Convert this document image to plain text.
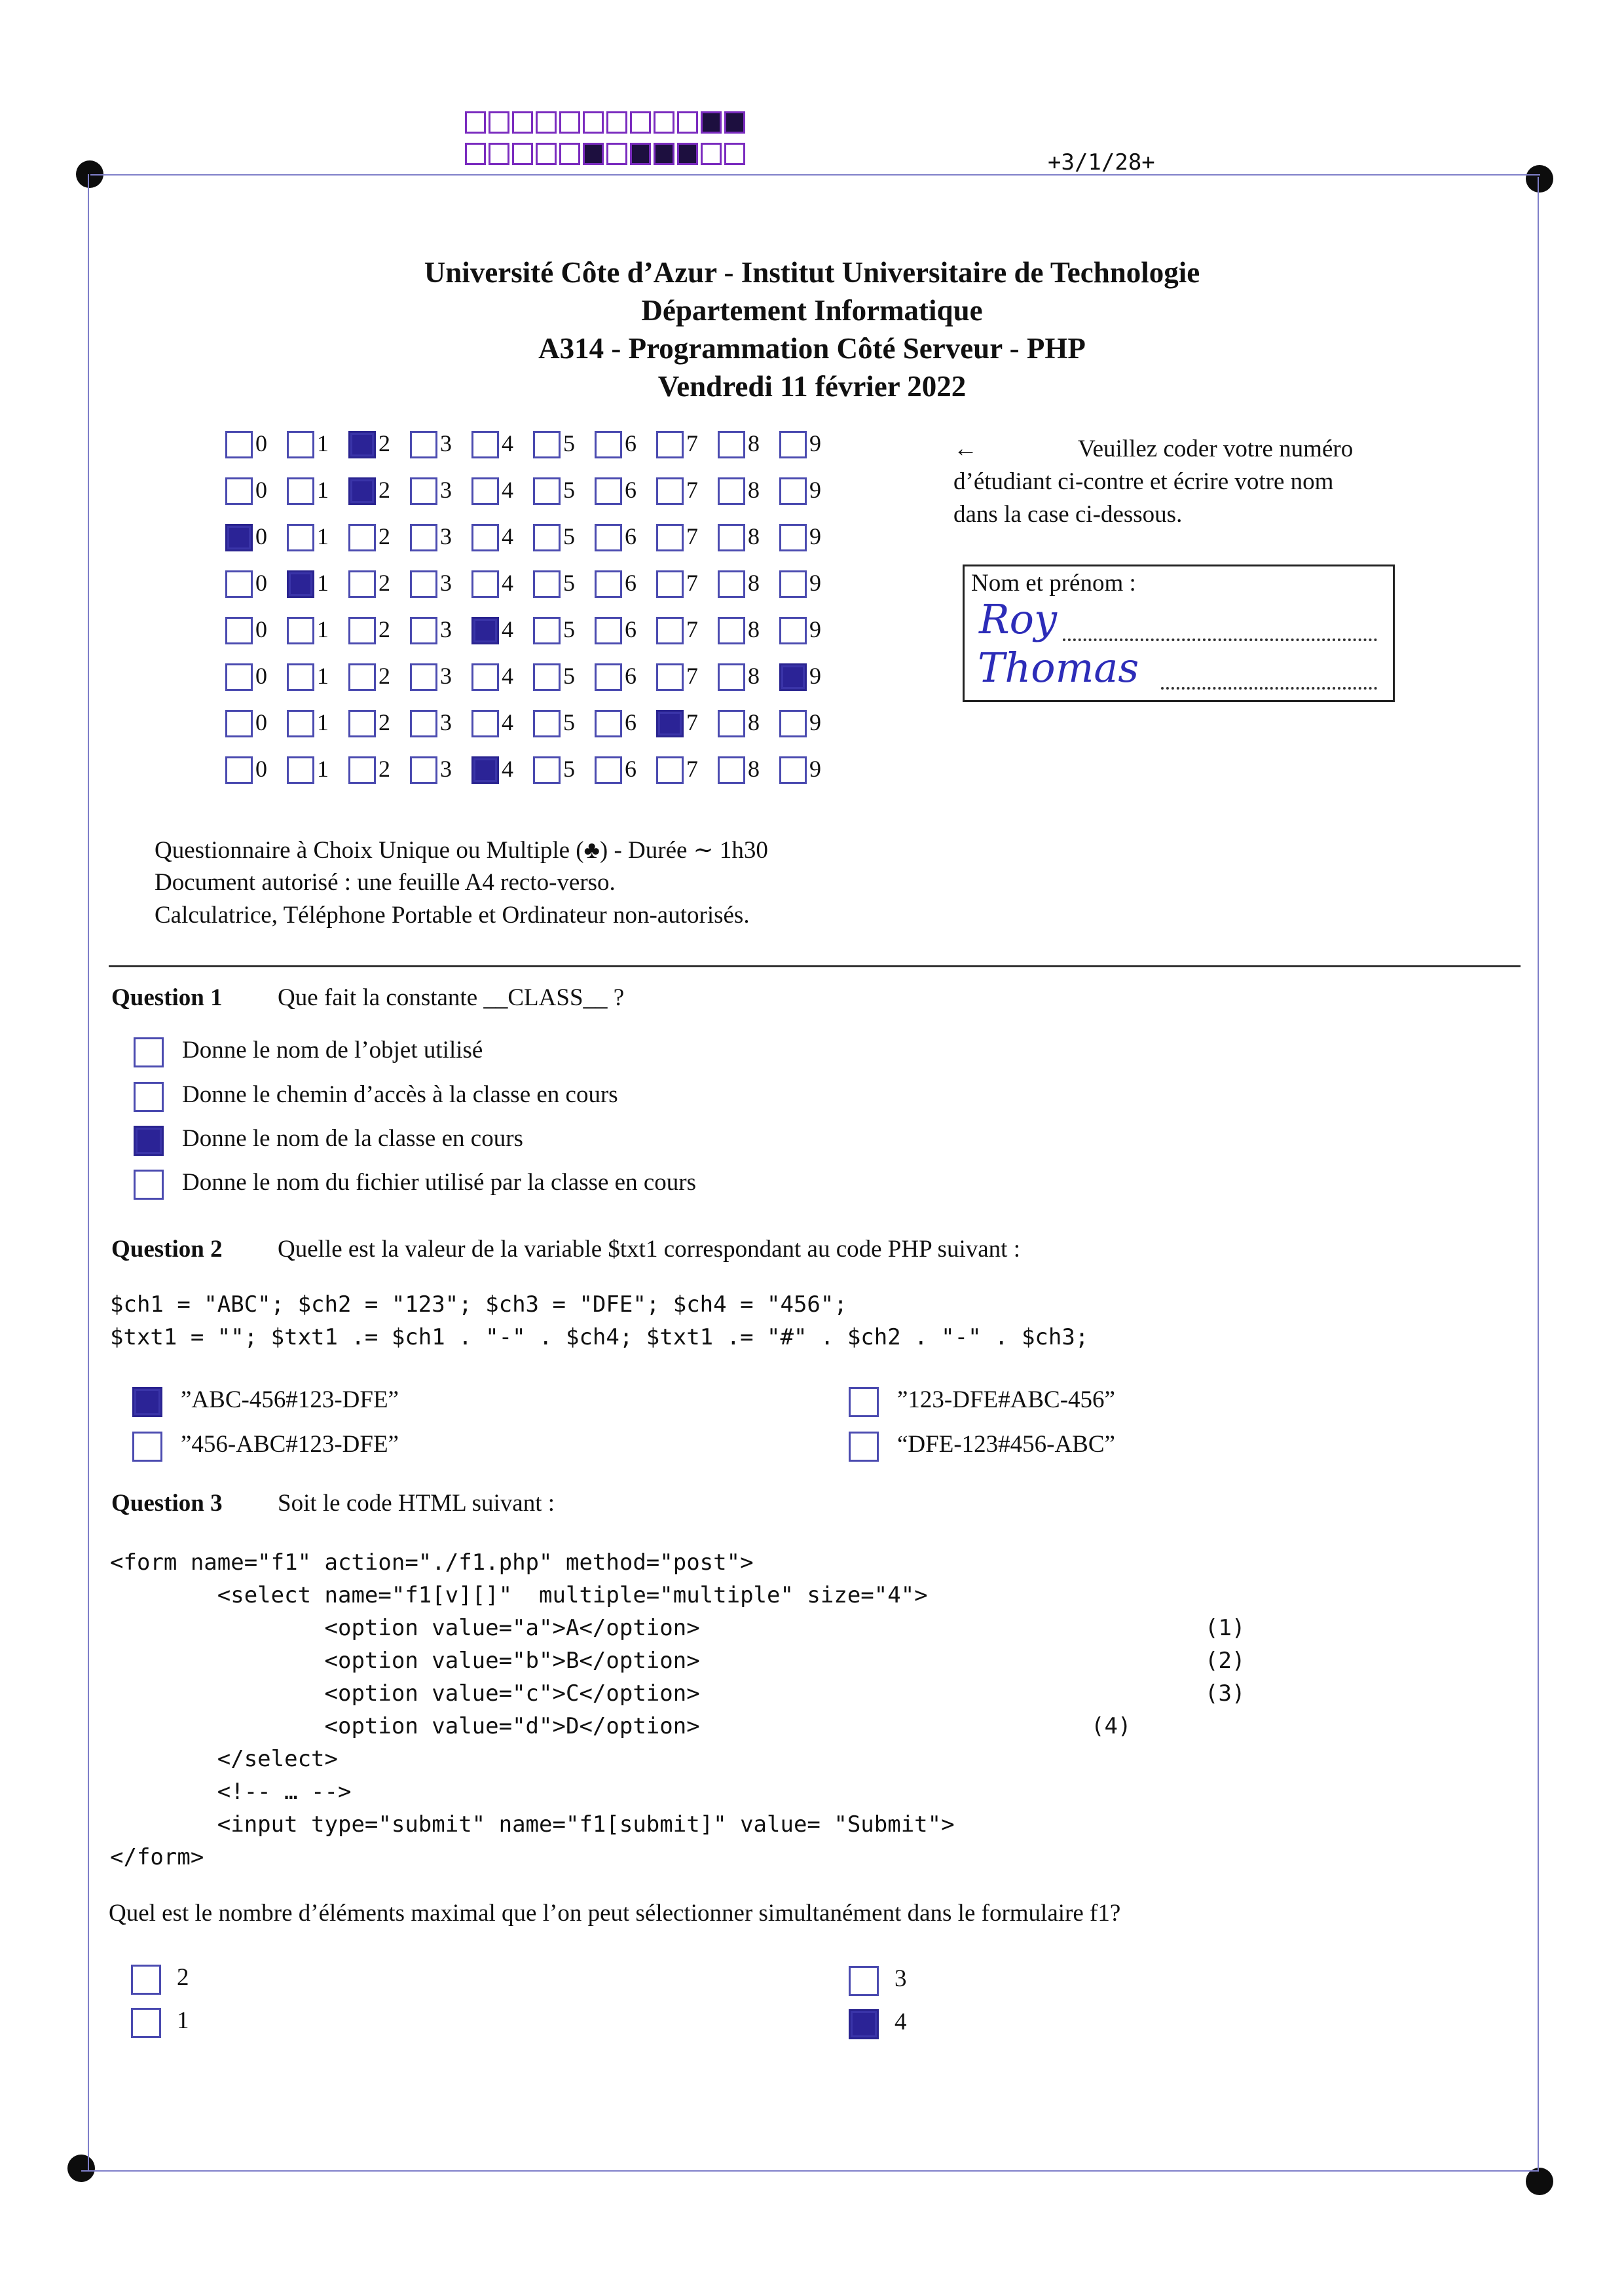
+3/1/28+
Université Côte d’Azur - Institut Universitaire de Technologie
Département Informatique
A314 - Programmation Côté Serveur - PHP
Vendredi 11 février 2022
0 1 2 3 4 5 6 7 8 9
0 1 2 3 4 5 6 7 8 9
0 1 2 3 4 5 6 7 8 9
0 1 2 3 4 5 6 7 8 9
0 1 2 3 4 5 6 7 8 9
0 1 2 3 4 5 6 7 8 9
0 1 2 3 4 5 6 7 8 9
0 1 2 3 4 5 6 7 8 9
←	Veuillez coder votre numéro
d’étudiant ci-contre et écrire votre nom
dans la case ci-dessous.
Nom et prénom :
Roy
Thomas
Questionnaire à Choix Unique ou Multiple (♣) - Durée ∼ 1h30
Document autorisé : une feuille A4 recto-verso.
Calculatrice, Téléphone Portable et Ordinateur non-autorisés.
Question 1 Que fait la constante __CLASS__ ?
Donne le nom de l’objet utilisé
Donne le chemin d’accès à la classe en cours
Donne le nom de la classe en cours
Donne le nom du fichier utilisé par la classe en cours
Question 2 Quelle est la valeur de la variable $txt1 correspondant au code PHP suivant :
$ch1 = "ABC"; $ch2 = "123"; $ch3 = "DFE"; $ch4 = "456";
$txt1 = ""; $txt1 .= $ch1 . "-" . $ch4; $txt1 .= "#" . $ch2 . "-" . $ch3;
”ABC-456#123-DFE”	”123-DFE#ABC-456”
”456-ABC#123-DFE”	“DFE-123#456-ABC”
Question 3 Soit le code HTML suivant :
<form name="f1" action="./f1.php" method="post">
<select name="f1[v][]"  multiple="multiple" size="4">
<option value="a">A</option>
<option value="b">B</option>
<option value="c">C</option>
<option value="d">D</option>
</select>
<!-- … -->
<input type="submit" name="f1[submit]" value= "Submit">
</form>
(1)
(2)
(3)
(4)
Quel est le nombre d’éléments maximal que l’on peut sélectionner simultanément dans le formulaire f1?
2	3
1	4
